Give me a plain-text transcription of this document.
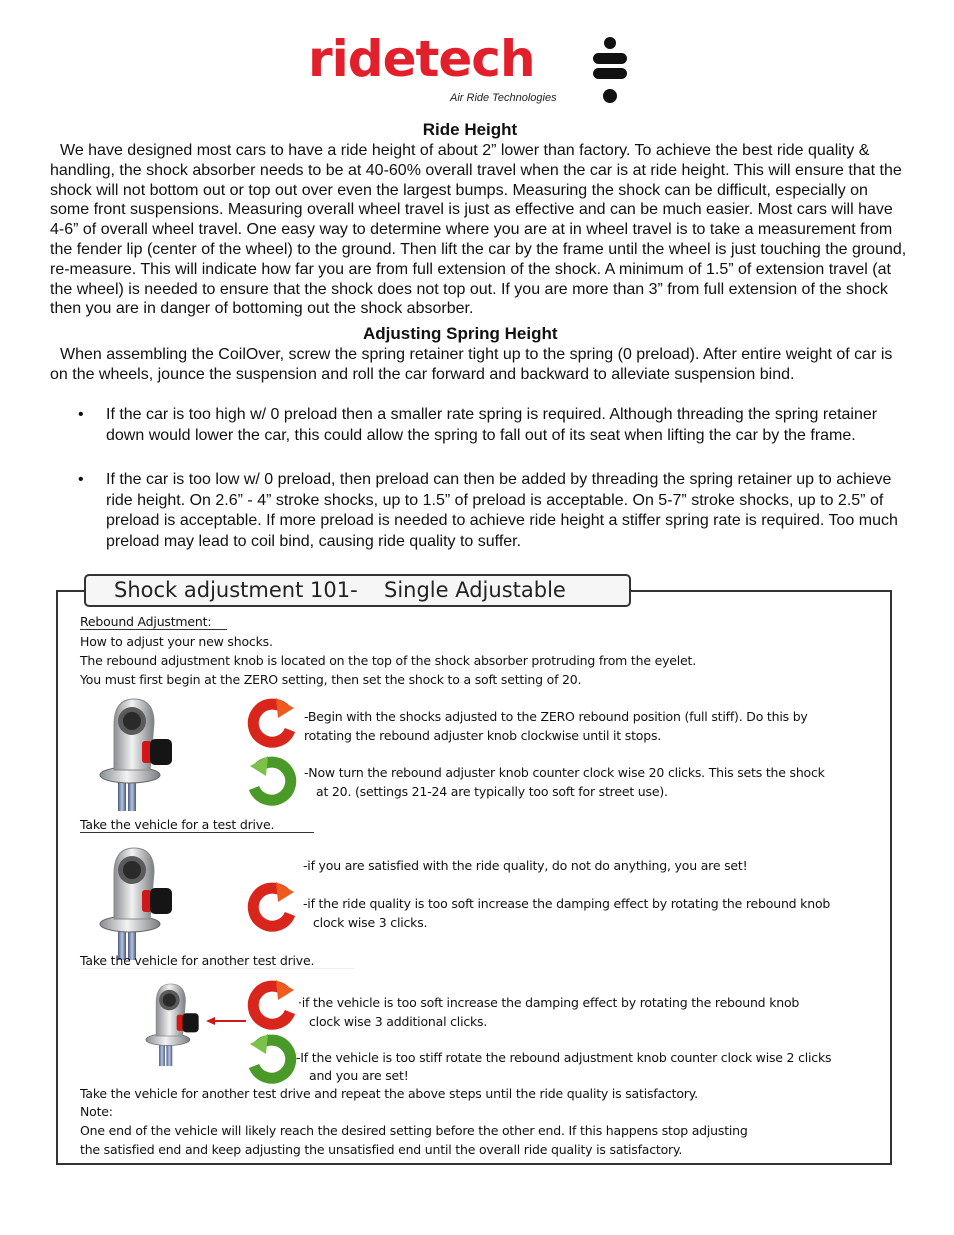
ridetech
Air Ride Technologies
Ride Height
We have designed most cars to have a ride height of about 2” lower than factory. To achieve the best ride quality & handling, the shock absorber needs to be at 40-60% overall travel when the car is at ride height. This will ensure that the shock will not bottom out or top out over even the largest bumps. Measuring the shock can be difficult, especially on some front suspensions. Measuring overall wheel travel is just as effective and can be much easier. Most cars will have 4-6” of overall wheel travel. One easy way to determine where you are at in wheel travel is to take a measurement from the fender lip (center of the wheel) to the ground. Then lift the car by the frame until the wheel is just touching the ground, re-measure. This will indicate how far you are from full extension of the shock. A minimum of 1.5” of extension travel (at the wheel) is needed to ensure that the shock does not top out. If you are more than 3” from full extension of the shock then you are in danger of bottoming out the shock absorber.
Adjusting Spring Height
When assembling the CoilOver, screw the spring retainer tight up to the spring (0 preload). After entire weight of car is on the wheels, jounce the suspension and roll the car forward and backward to alleviate suspension bind.
• If the car is too high w/ 0 preload then a smaller rate spring is required. Although threading the spring retainer down would lower the car, this could allow the spring to fall out of its seat when lifting the car by the frame.
• If the car is too low w/ 0 preload, then preload can then be added by threading the spring retainer up to achieve ride height. On 2.6” - 4” stroke shocks, up to 1.5” of preload is acceptable. On 5-7” stroke shocks, up to 2.5” of preload is acceptable. If more preload is needed to achieve ride height a stiffer spring rate is required. Too much preload may lead to coil bind, causing ride quality to suffer.
Shock adjustment 101- Single Adjustable
Rebound Adjustment:
How to adjust your new shocks.
The rebound adjustment knob is located on the top of the shock absorber protruding from the eyelet.
You must first begin at the ZERO setting, then set the shock to a soft setting of 20.
-Begin with the shocks adjusted to the ZERO rebound position (full stiff). Do this by
rotating the rebound adjuster knob clockwise until it stops.
-Now turn the rebound adjuster knob counter clock wise 20 clicks. This sets the shock
at 20. (settings 21-24 are typically too soft for street use).
Take the vehicle for a test drive.
-if you are satisfied with the ride quality, do not do anything, you are set!
-if the ride quality is too soft increase the damping effect by rotating the rebound knob
clock wise 3 clicks.
Take the vehicle for another test drive.
·if the vehicle is too soft increase the damping effect by rotating the rebound knob
clock wise 3 additional clicks.
-If the vehicle is too stiff rotate the rebound adjustment knob counter clock wise 2 clicks
and you are set!
Take the vehicle for another test drive and repeat the above steps until the ride quality is satisfactory.
Note:
One end of the vehicle will likely reach the desired setting before the other end. If this happens stop adjusting
the satisfied end and keep adjusting the unsatisfied end until the overall ride quality is satisfactory.
